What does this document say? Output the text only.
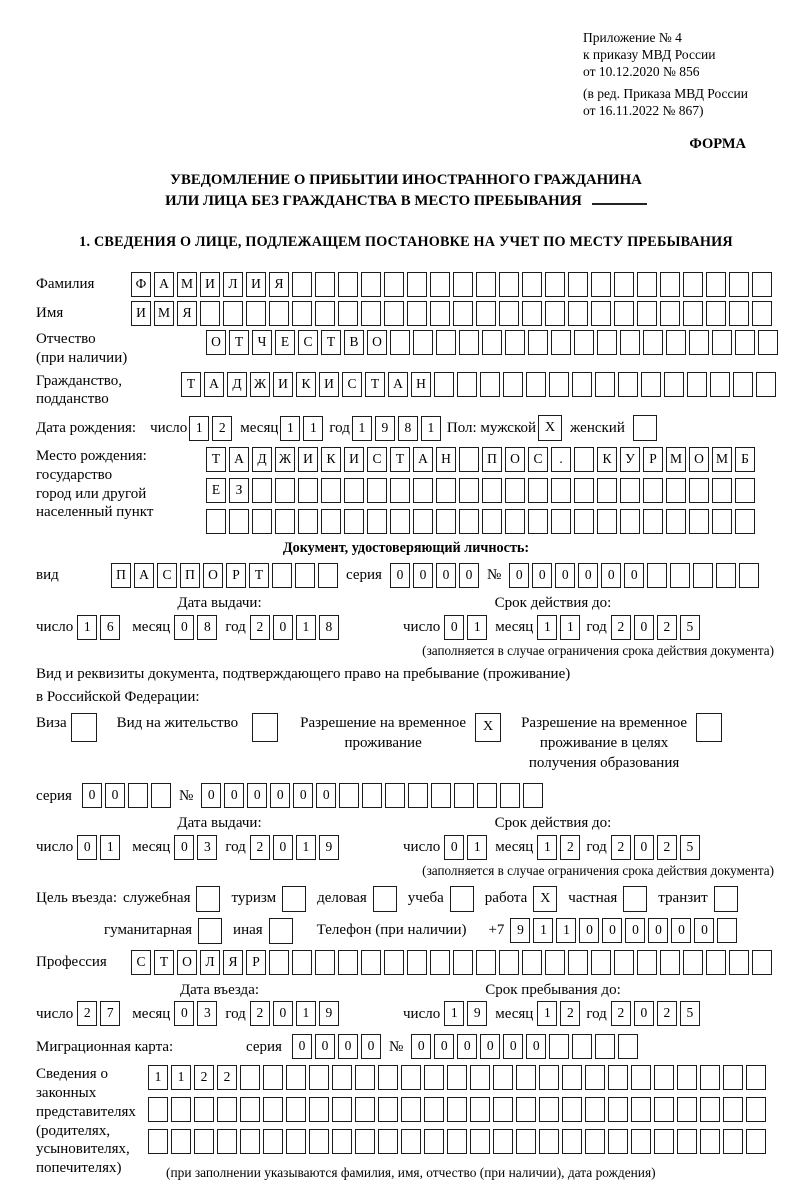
Приложение № 4
к приказу МВД России
от 10.12.2020 № 856
(в ред. Приказа МВД России
от 16.11.2022 № 867)
ФОРМА
УВЕДОМЛЕНИЕ О ПРИБЫТИИ ИНОСТРАННОГО ГРАЖДАНИНА
ИЛИ ЛИЦА БЕЗ ГРАЖДАНСТВА В МЕСТО ПРЕБЫВАНИЯ
1. СВЕДЕНИЯ О ЛИЦЕ, ПОДЛЕЖАЩЕМ ПОСТАНОВКЕ НА УЧЕТ ПО МЕСТУ ПРЕБЫВАНИЯ
Фамилия	Ф А М И	Л	И	Я
Имя	И М Я
Отчество
(при наличии)
О	Т	Ч	Е	С	Т	В	О
Гражданство,
подданство
Т	А	Д Ж И	К	И	С	Т	А Н
Дата рождения: число 1	2 месяц 1	1 год 1	9	8	1 Пол: мужской X женский
Место рождения:
государство
город или другой
населенный пункт
Т	А	Д Ж И	К	И	С	Т	А Н	П О	С	.	К	У	Р М О М Б
Е	З
Документ, удостоверяющий личность:
вид	П А	С	П О	Р	Т	серия	0	0	0	0 №	0	0	0	0	0	0
Дата выдачи:
число 1	6	месяц 0	8 год 2	0	1	8
Срок действия до:
число 0	1 месяц 1	1 год 2	0	2	5
(заполняется в случае ограничения срока действия документа)
Вид и реквизиты документа, подтверждающего право на пребывание (проживание)
в Российской Федерации:
Виза	Вид на жительство	Разрешение на временное
проживание
X	Разрешение на временное
проживание в целях
получения образования
серия	0	0	№	0	0	0	0	0	0
Дата выдачи:
число 0	1	месяц 0	3 год 2	0	1	9
Срок действия до:
число 0	1 месяц 1	2 год 2	0	2	5
(заполняется в случае ограничения срока действия документа)
Цель въезда: служебная	туризм	деловая	учеба	работа X	частная	транзит
гуманитарная	иная	Телефон (при наличии) +7 9	1	1	0	0	0	0	0	0
Профессия	С	Т	О	Л	Я	Р
Дата въезда:
число 2	7	месяц 0	3 год 2	0	1	9
Срок пребывания до:
число 1	9 месяц 1	2 год 2	0	2	5
Миграционная карта:	серия	0	0	0	0 №	0	0	0	0	0	0
Сведения о
законных
представителях
(родителях,
усыновителях,
попечителях)
1	1	2	2
(при заполнении указываются фамилия, имя, отчество (при наличии), дата рождения)
